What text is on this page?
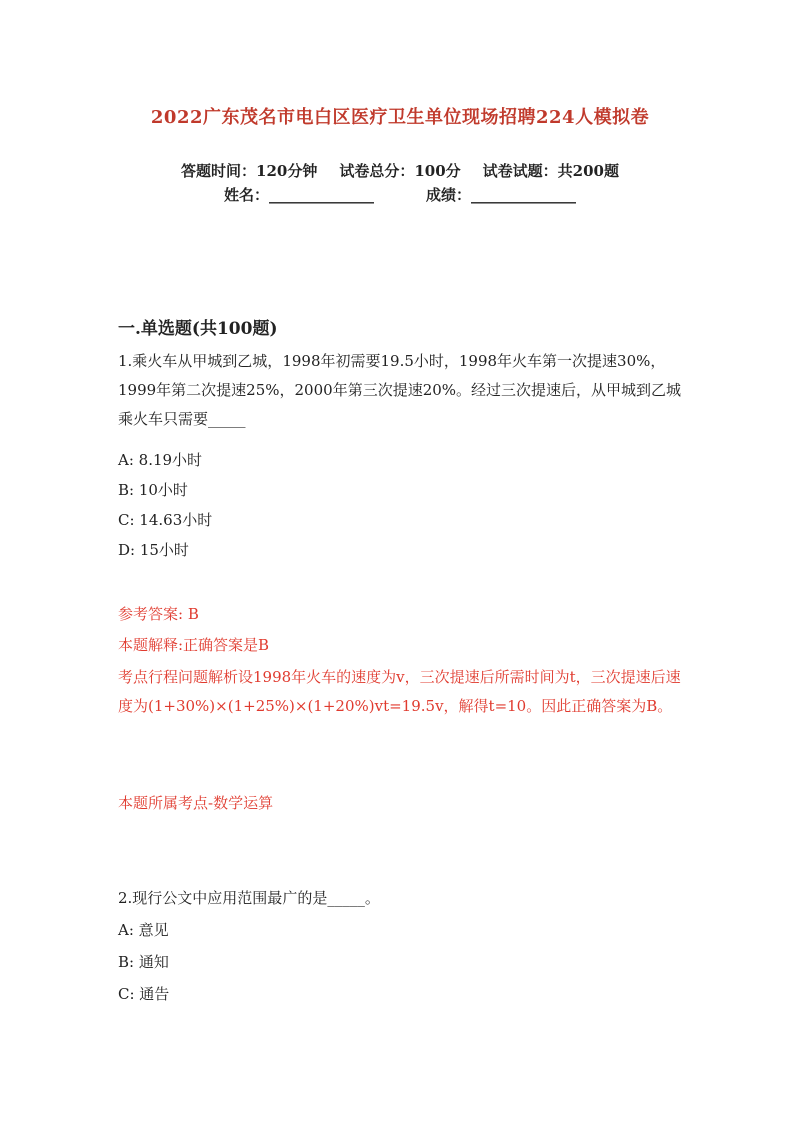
2022广东茂名市电白区医疗卫生单位现场招聘224人模拟卷
答题时间：120分钟 试卷总分：100分 试卷试题：共200题
姓名：______________	成绩：______________
一.单选题(共100题)
1.乘火车从甲城到乙城，1998年初需要19.5小时，1998年火车第一次提速30%，1999年第二次提速25%，2000年第三次提速20%。经过三次提速后，从甲城到乙城乘火车只需要_____
A: 8.19小时
B: 10小时
C: 14.63小时
D: 15小时
参考答案: B
本题解释:正确答案是B
考点行程问题解析设1998年火车的速度为v，三次提速后所需时间为t，三次提速后速度为(1+30%)×(1+25%)×(1+20%)vt=19.5v，解得t=10。因此正确答案为B。
本题所属考点-数学运算
2.现行公文中应用范围最广的是_____。
A: 意见
B: 通知
C: 通告
